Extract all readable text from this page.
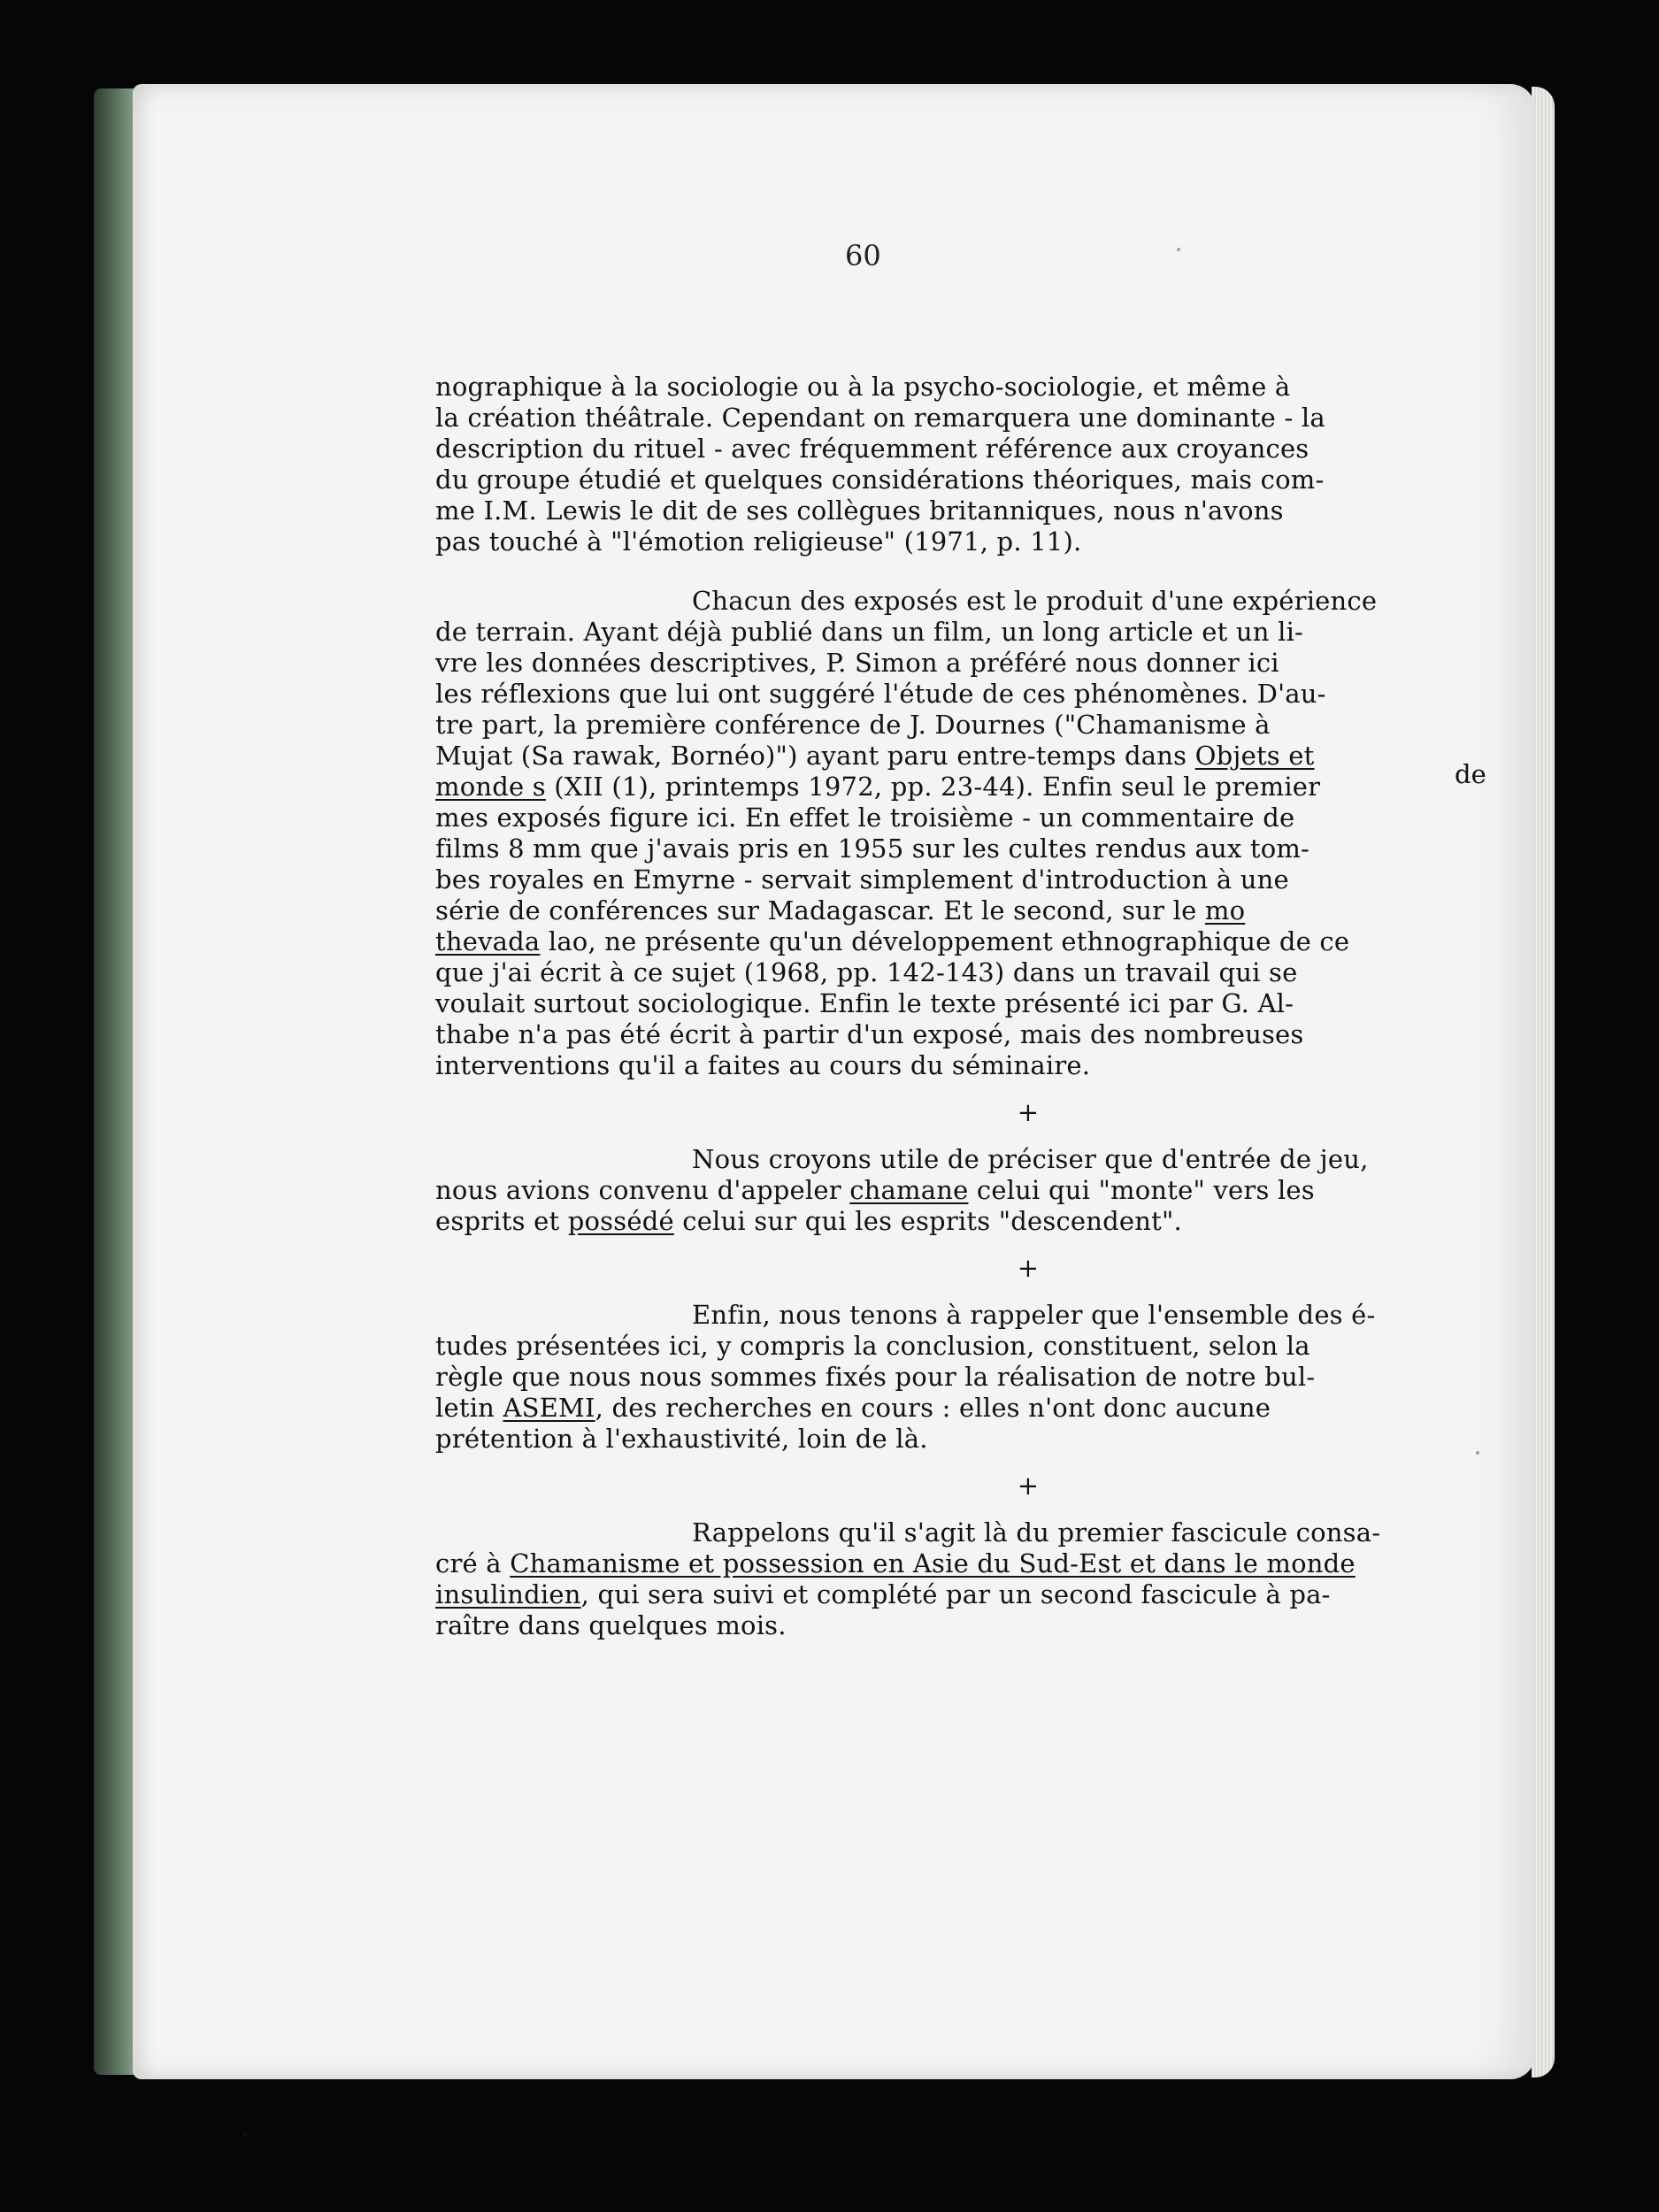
60
nographique à la sociologie ou à la psycho-sociologie, et même à
la création théâtrale. Cependant on remarquera une dominante - la
description du rituel - avec fréquemment référence aux croyances
du groupe étudié et quelques considérations théoriques, mais com-
me I.M. Lewis le dit de ses collègues britanniques, nous n'avons
pas touché à "l'émotion religieuse" (1971, p. 11).
Chacun des exposés est le produit d'une expérience
de terrain. Ayant déjà publié dans un film, un long article et un li-
vre les données descriptives, P. Simon a préféré nous donner ici
les réflexions que lui ont suggéré l'étude de ces phénomènes. D'au-
tre part, la première conférence de J. Dournes ("Chamanisme à
Mujat (Sa rawak, Bornéo)") ayant paru entre-temps dans Objets et
monde s (XII (1), printemps 1972, pp. 23-44). Enfin seul le premier
mes exposés figure ici. En effet le troisième - un commentaire de
films 8 mm que j'avais pris en 1955 sur les cultes rendus aux tom-
bes royales en Emyrne - servait simplement d'introduction à une
série de conférences sur Madagascar. Et le second, sur le mo
thevada lao, ne présente qu'un développement ethnographique de ce
que j'ai écrit à ce sujet (1968, pp. 142-143) dans un travail qui se
voulait surtout sociologique. Enfin le texte présenté ici par G. Al-
thabe n'a pas été écrit à partir d'un exposé, mais des nombreuses
interventions qu'il a faites au cours du séminaire.
+
Nous croyons utile de préciser que d'entrée de jeu,
nous avions convenu d'appeler chamane celui qui "monte" vers les
esprits et possédé celui sur qui les esprits "descendent".
+
Enfin, nous tenons à rappeler que l'ensemble des é-
tudes présentées ici, y compris la conclusion, constituent, selon la
règle que nous nous sommes fixés pour la réalisation de notre bul-
letin ASEMI, des recherches en cours : elles n'ont donc aucune
prétention à l'exhaustivité, loin de là.
+
Rappelons qu'il s'agit là du premier fascicule consa-
cré à Chamanisme et possession en Asie du Sud-Est et dans le monde
insulindien, qui sera suivi et complété par un second fascicule à pa-
raître dans quelques mois.
de
